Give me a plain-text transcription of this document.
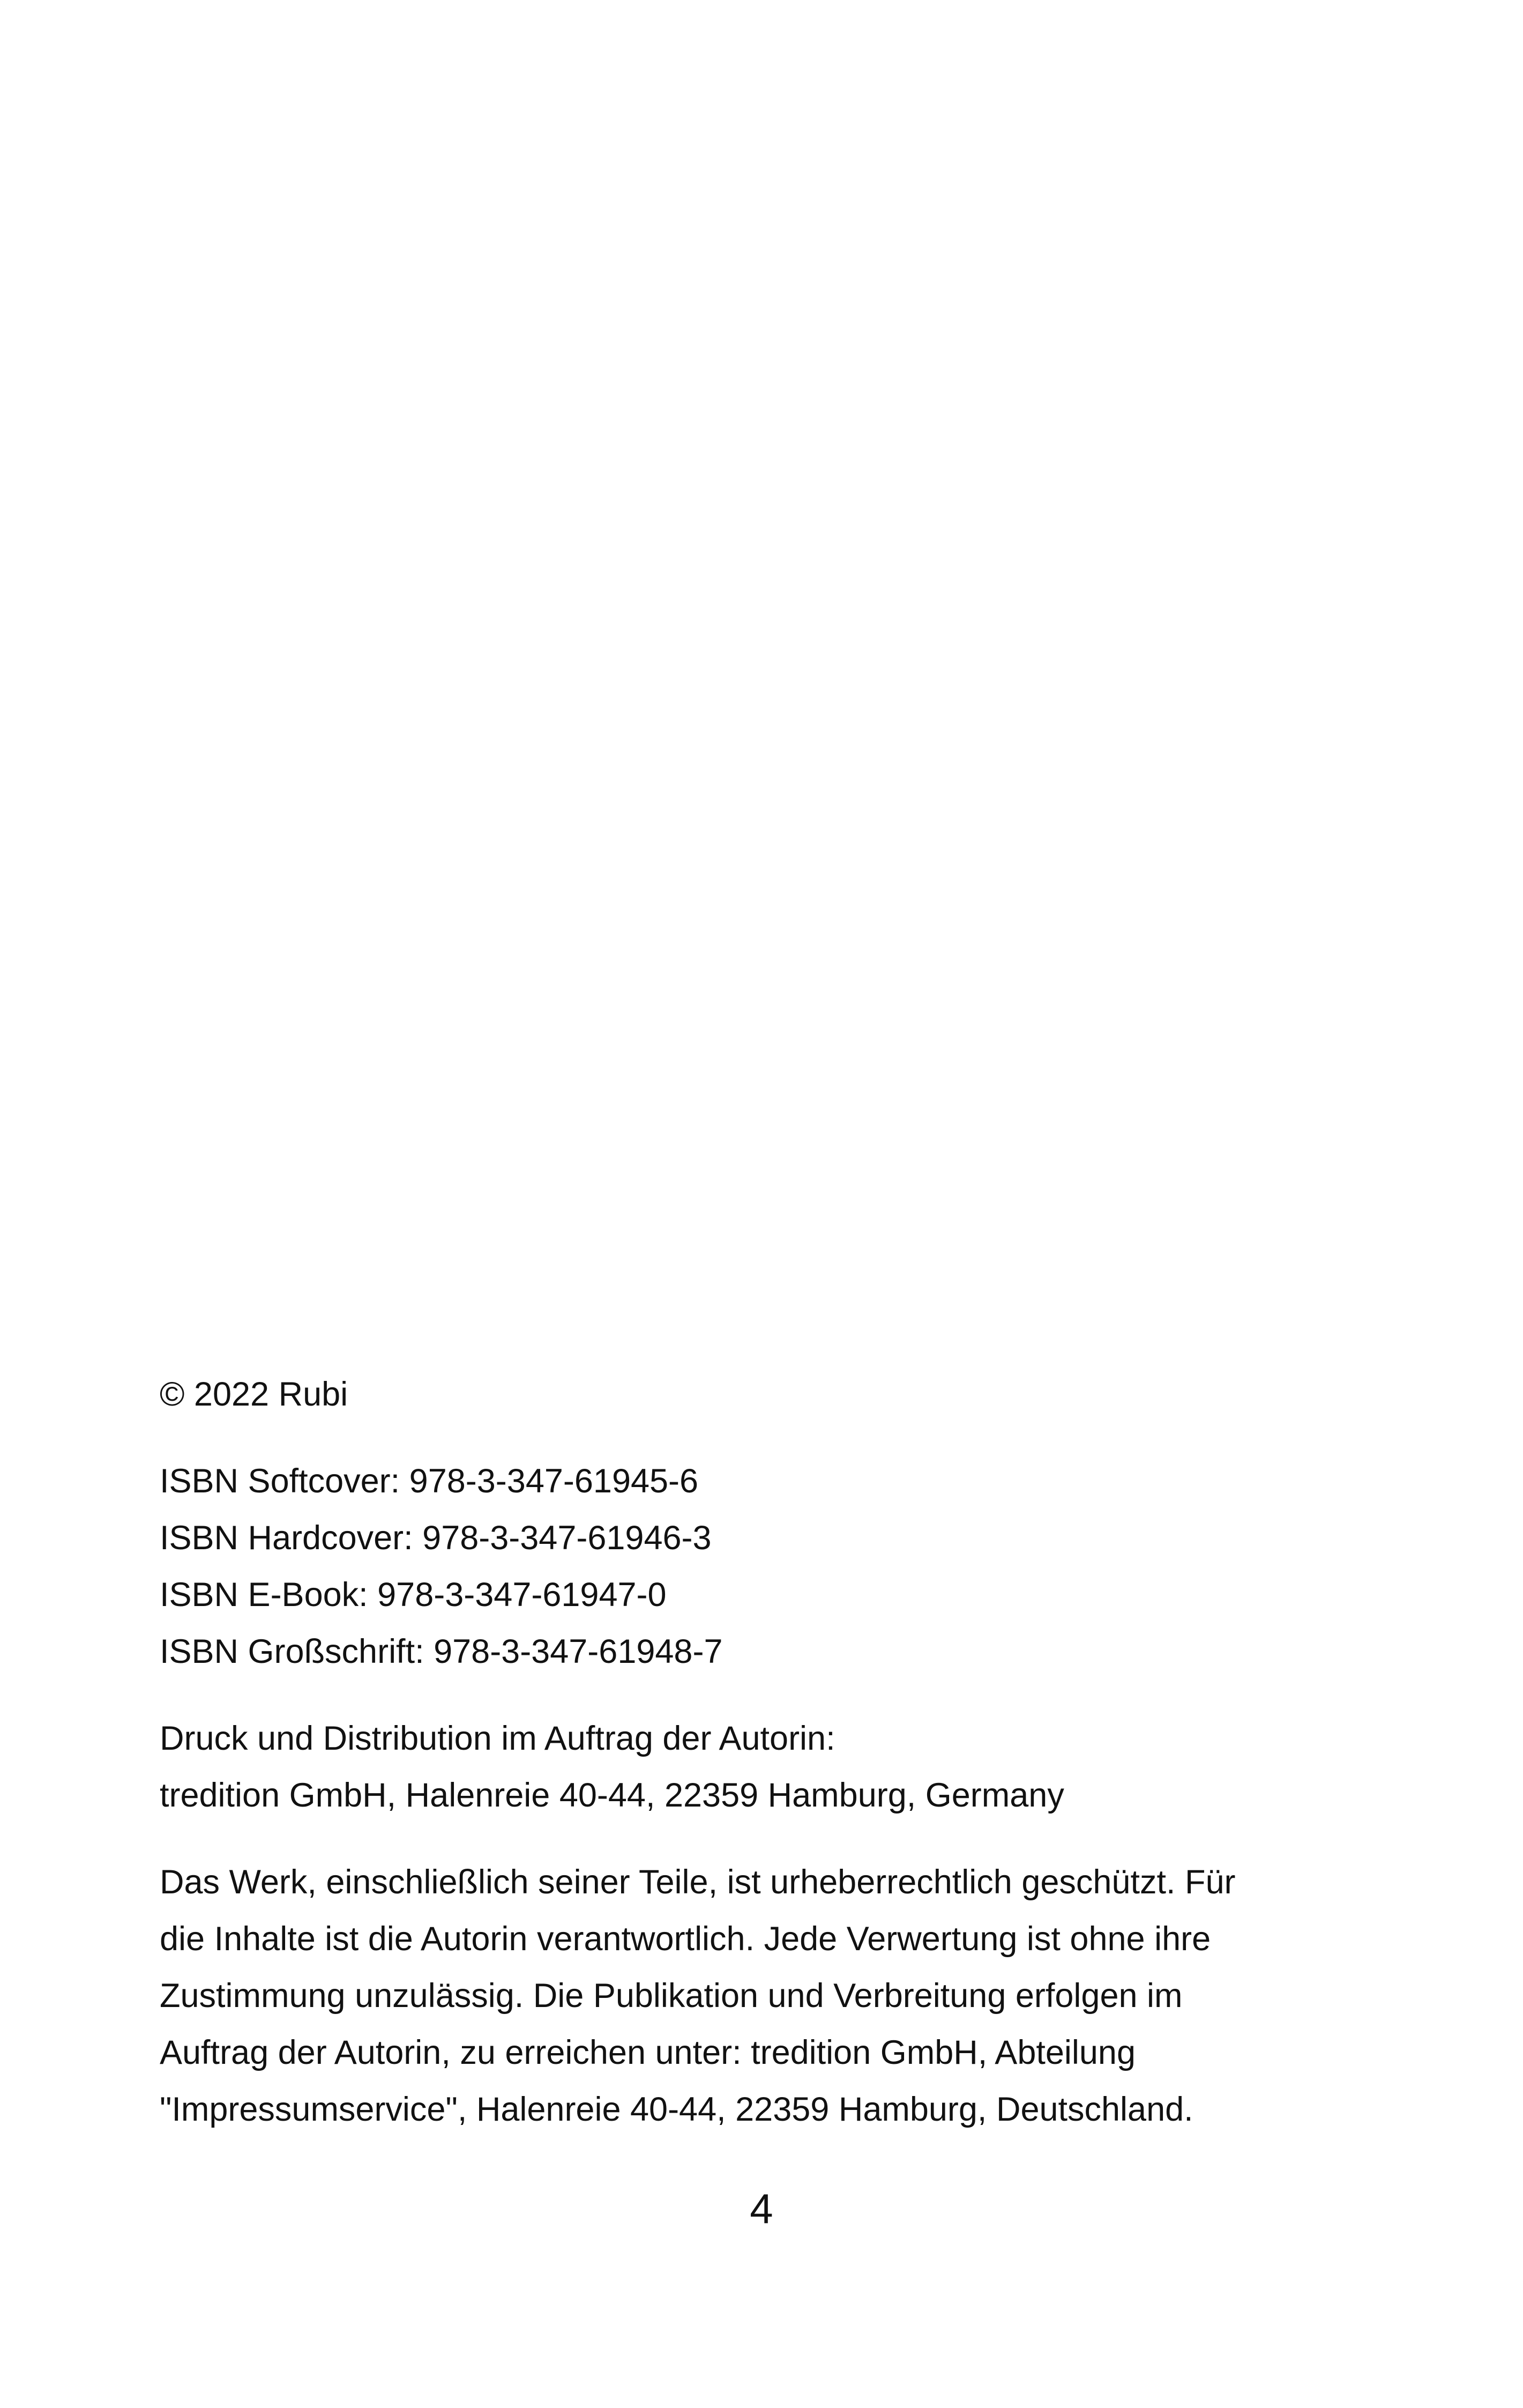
© 2022 Rubi
ISBN Softcover: 978-3-347-61945-6
ISBN Hardcover: 978-3-347-61946-3
ISBN E-Book: 978-3-347-61947-0
ISBN Großschrift: 978-3-347-61948-7
Druck und Distribution im Auftrag der Autorin:
tredition GmbH, Halenreie 40-44, 22359 Hamburg, Germany
Das Werk, einschließlich seiner Teile, ist urheberrechtlich geschützt. Für
die Inhalte ist die Autorin verantwortlich. Jede Verwertung ist ohne ihre
Zustimmung unzulässig. Die Publikation und Verbreitung erfolgen im
Auftrag der Autorin, zu erreichen unter: tredition GmbH, Abteilung
"Impressumservice", Halenreie 40-44, 22359 Hamburg, Deutschland.
4
